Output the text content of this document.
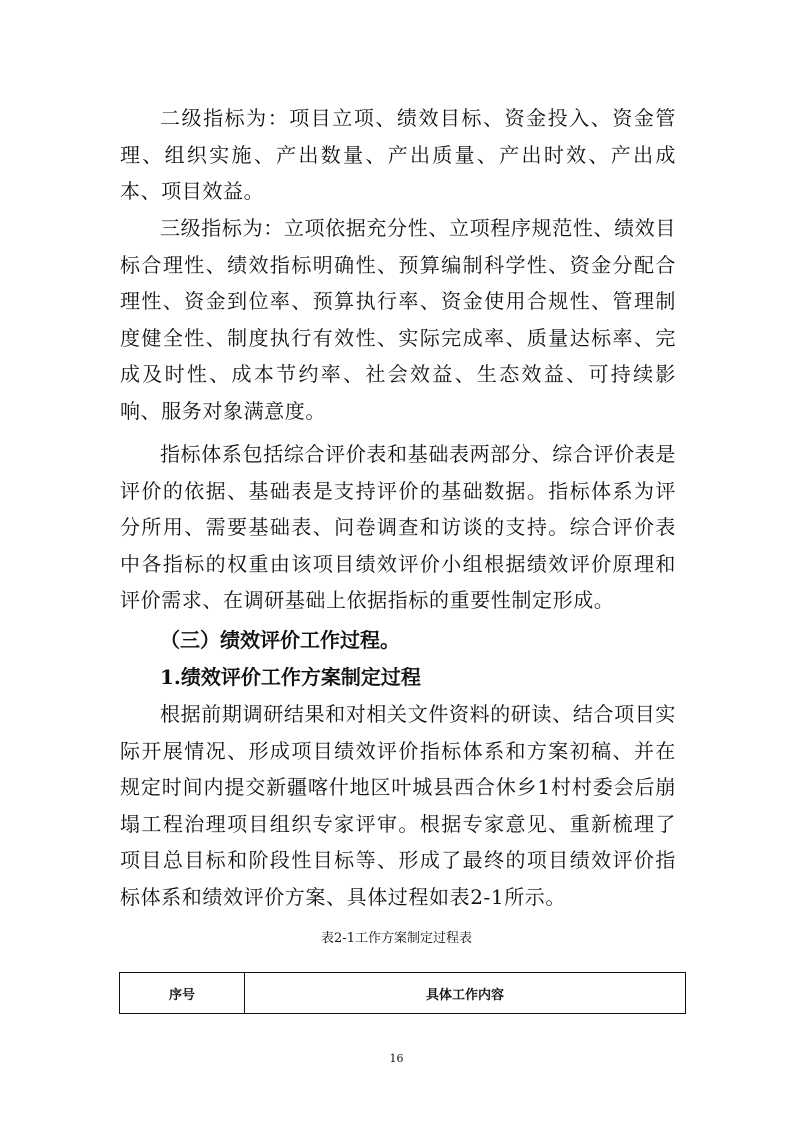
二级指标为：项目立项、绩效目标、资金投入、资金管理、组织实施、产出数量、产出质量、产出时效、产出成本、项目效益。

三级指标为：立项依据充分性、立项程序规范性、绩效目标合理性、绩效指标明确性、预算编制科学性、资金分配合理性、资金到位率、预算执行率、资金使用合规性、管理制度健全性、制度执行有效性、实际完成率、质量达标率、完成及时性、成本节约率、社会效益、生态效益、可持续影响、服务对象满意度。

指标体系包括综合评价表和基础表两部分、综合评价表是评价的依据、基础表是支持评价的基础数据。指标体系为评分所用、需要基础表、问卷调查和访谈的支持。综合评价表中各指标的权重由该项目绩效评价小组根据绩效评价原理和评价需求、在调研基础上依据指标的重要性制定形成。

（三）绩效评价工作过程。
1.绩效评价工作方案制定过程

根据前期调研结果和对相关文件资料的研读、结合项目实际开展情况、形成项目绩效评价指标体系和方案初稿、并在规定时间内提交新疆喀什地区叶城县西合休乡1村村委会后崩塌工程治理项目组织专家评审。根据专家意见、重新梳理了项目总目标和阶段性目标等、形成了最终的项目绩效评价指标体系和绩效评价方案、具体过程如表2-1所示。

表2-1工作方案制定过程表
序号	具体工作内容
16
